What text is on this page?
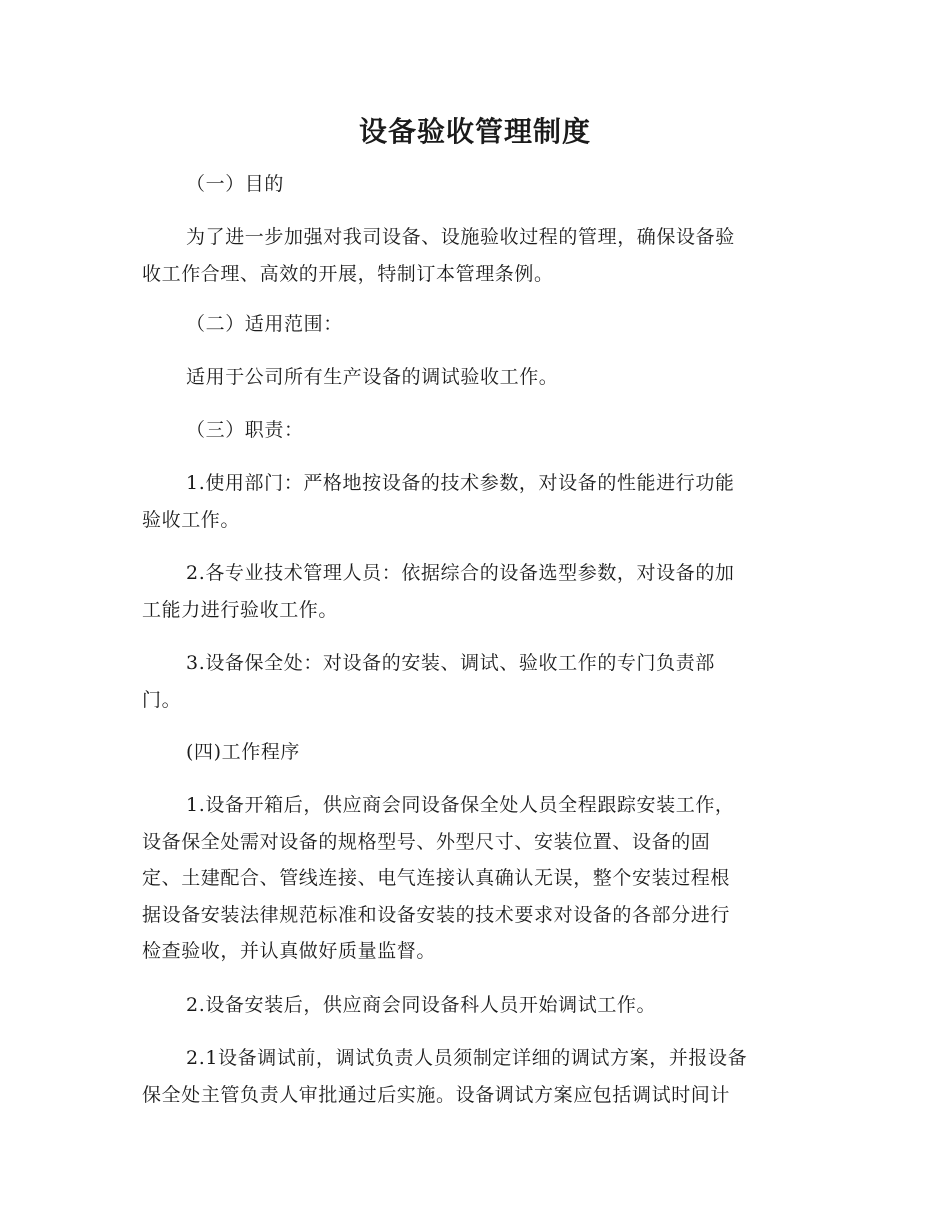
设备验收管理制度

（一）目的

为了进一步加强对我司设备、设施验收过程的管理，确保设备验
收工作合理、高效的开展，特制订本管理条例。

（二）适用范围：

适用于公司所有生产设备的调试验收工作。

（三）职责：

1.使用部门：严格地按设备的技术参数，对设备的性能进行功能
验收工作。

2.各专业技术管理人员：依据综合的设备选型参数，对设备的加
工能力进行验收工作。

3.设备保全处：对设备的安装、调试、验收工作的专门负责部
门。

(四)工作程序

1.设备开箱后，供应商会同设备保全处人员全程跟踪安装工作，
设备保全处需对设备的规格型号、外型尺寸、安装位置、设备的固
定、土建配合、管线连接、电气连接认真确认无误，整个安装过程根
据设备安装法律规范标准和设备安装的技术要求对设备的各部分进行
检查验收，并认真做好质量监督。

2.设备安装后，供应商会同设备科人员开始调试工作。

2.1设备调试前，调试负责人员须制定详细的调试方案，并报设备
保全处主管负责人审批通过后实施。设备调试方案应包括调试时间计
